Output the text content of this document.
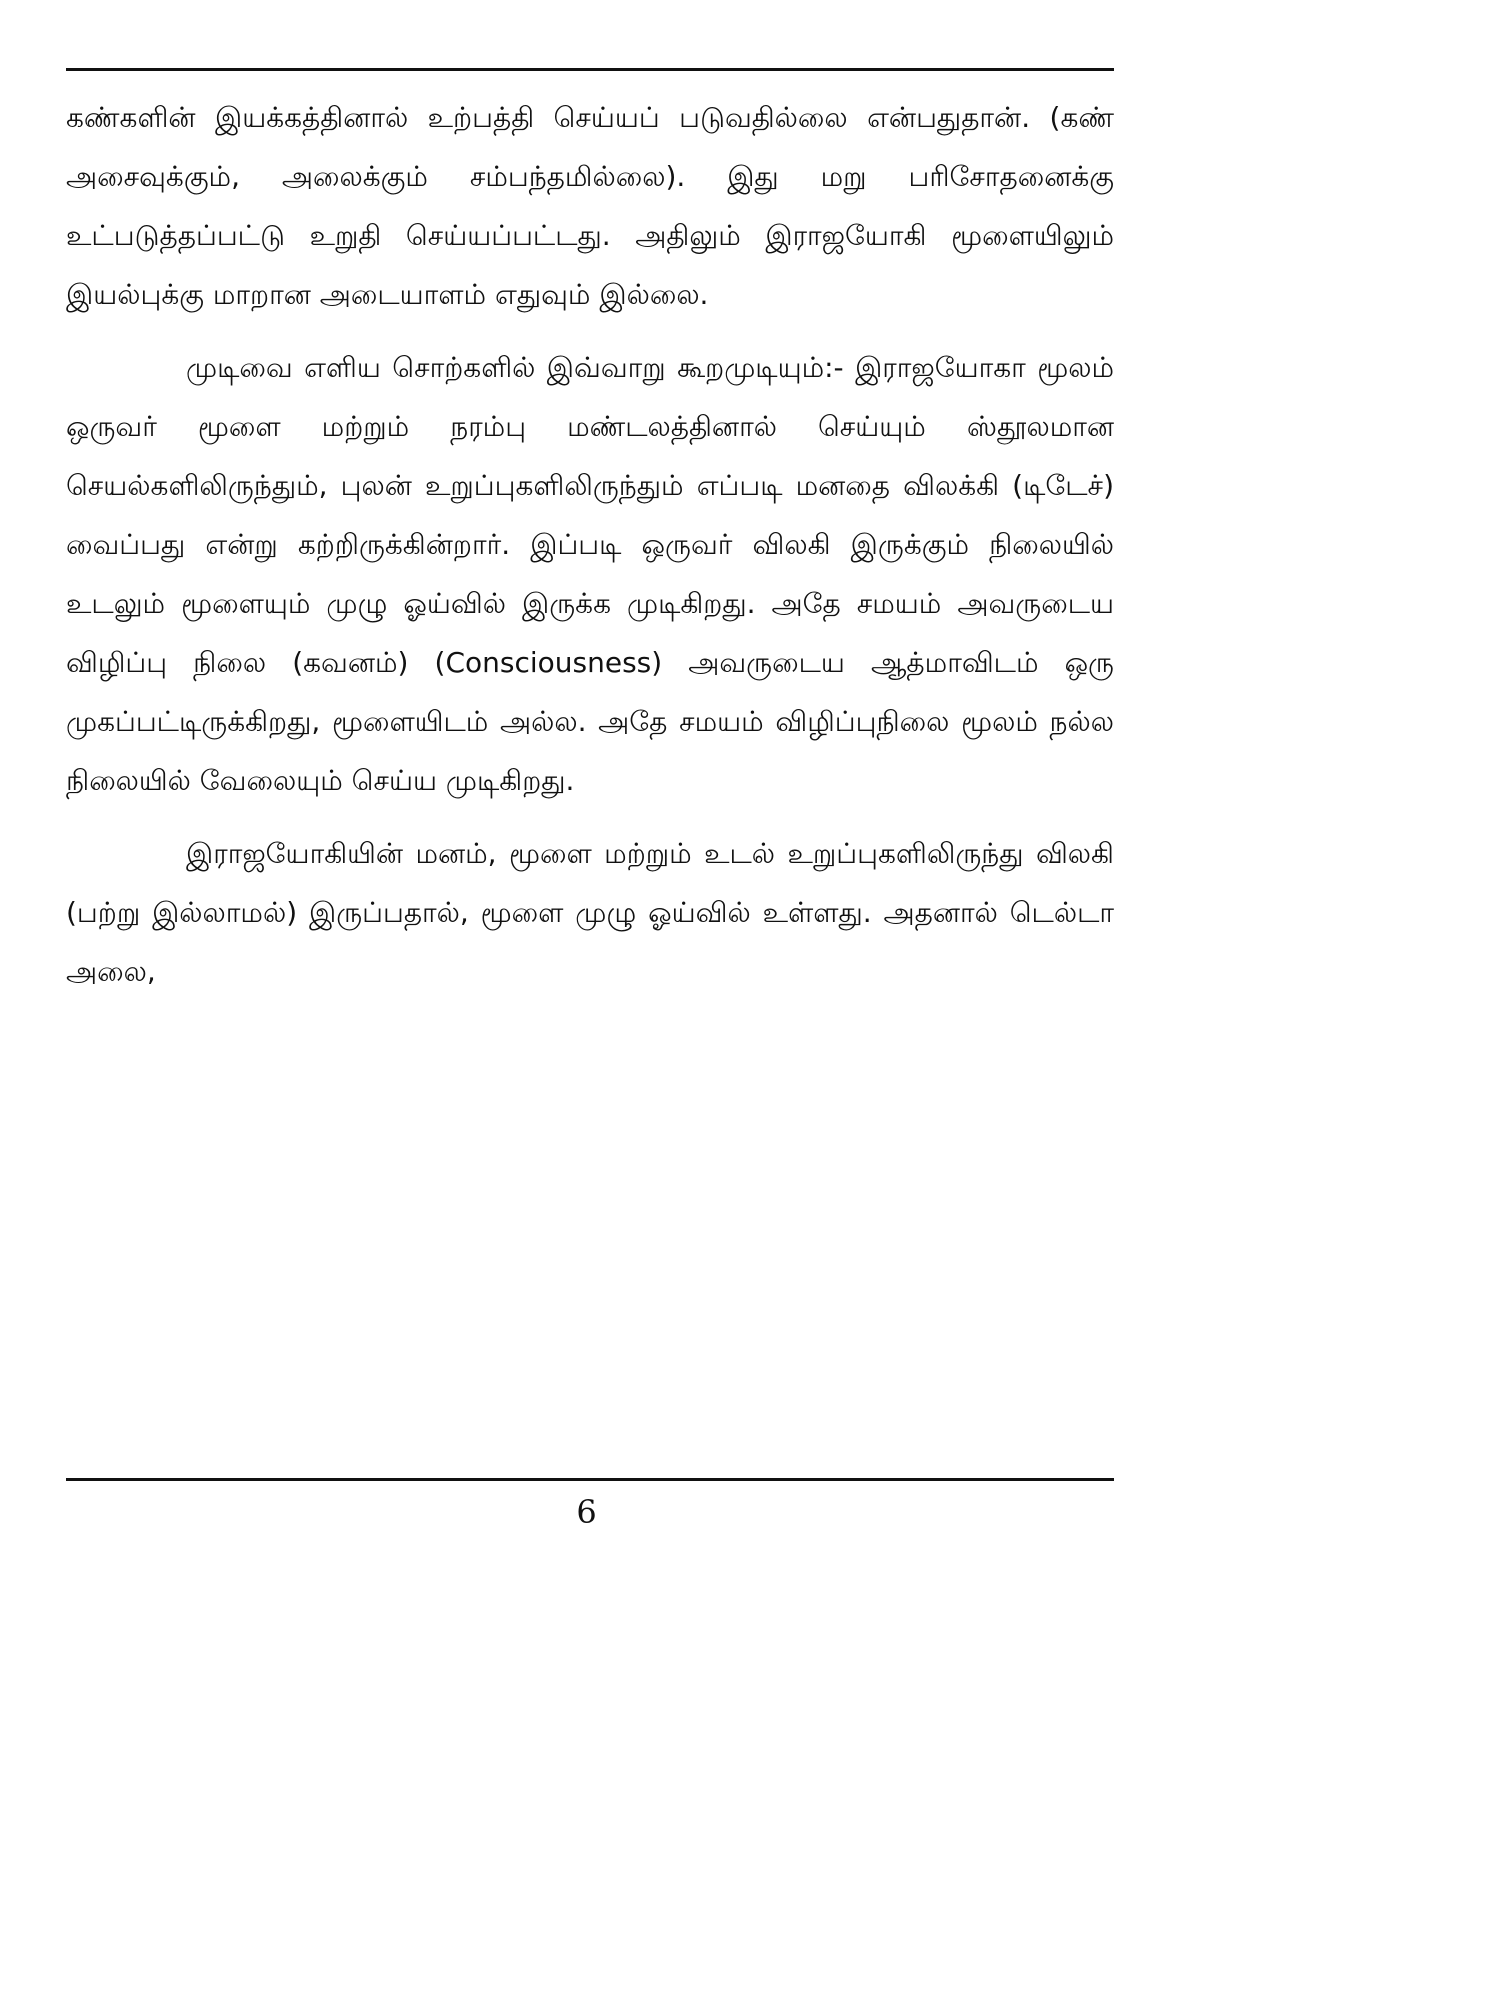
கண்களின் இயக்கத்தினால் உற்பத்தி செய்யப் படுவதில்லை என்பதுதான். (கண் அசைவுக்கும், அலைக்கும் சம்பந்தமில்லை). இது மறு பரிசோதனைக்கு உட்படுத்தப்பட்டு உறுதி செய்யப்பட்டது. அதிலும் இராஜயோகி மூளையிலும் இயல்புக்கு மாறான அடையாளம் எதுவும் இல்லை.

முடிவை எளிய சொற்களில் இவ்வாறு கூறமுடியும்:- இராஜயோகா மூலம் ஒருவர் மூளை மற்றும் நரம்பு மண்டலத்தினால் செய்யும் ஸ்தூலமான செயல்களிலிருந்தும், புலன் உறுப்புகளிலிருந்தும் எப்படி மனதை விலக்கி (டிடேச்) வைப்பது என்று கற்றிருக்கின்றார். இப்படி ஒருவர் விலகி இருக்கும் நிலையில் உடலும் மூளையும் முழு ஓய்வில் இருக்க முடிகிறது. அதே சமயம் அவருடைய விழிப்பு நிலை (கவனம்) (Consciousness) அவருடைய ஆத்மாவிடம் ஒரு முகப்பட்டிருக்கிறது, மூளையிடம் அல்ல. அதே சமயம் விழிப்புநிலை மூலம் நல்ல நிலையில் வேலையும் செய்ய முடிகிறது.

இராஜயோகியின் மனம், மூளை மற்றும் உடல் உறுப்புகளிலிருந்து விலகி (பற்று இல்லாமல்) இருப்பதால், மூளை முழு ஓய்வில் உள்ளது. அதனால் டெல்டா அலை,

6
